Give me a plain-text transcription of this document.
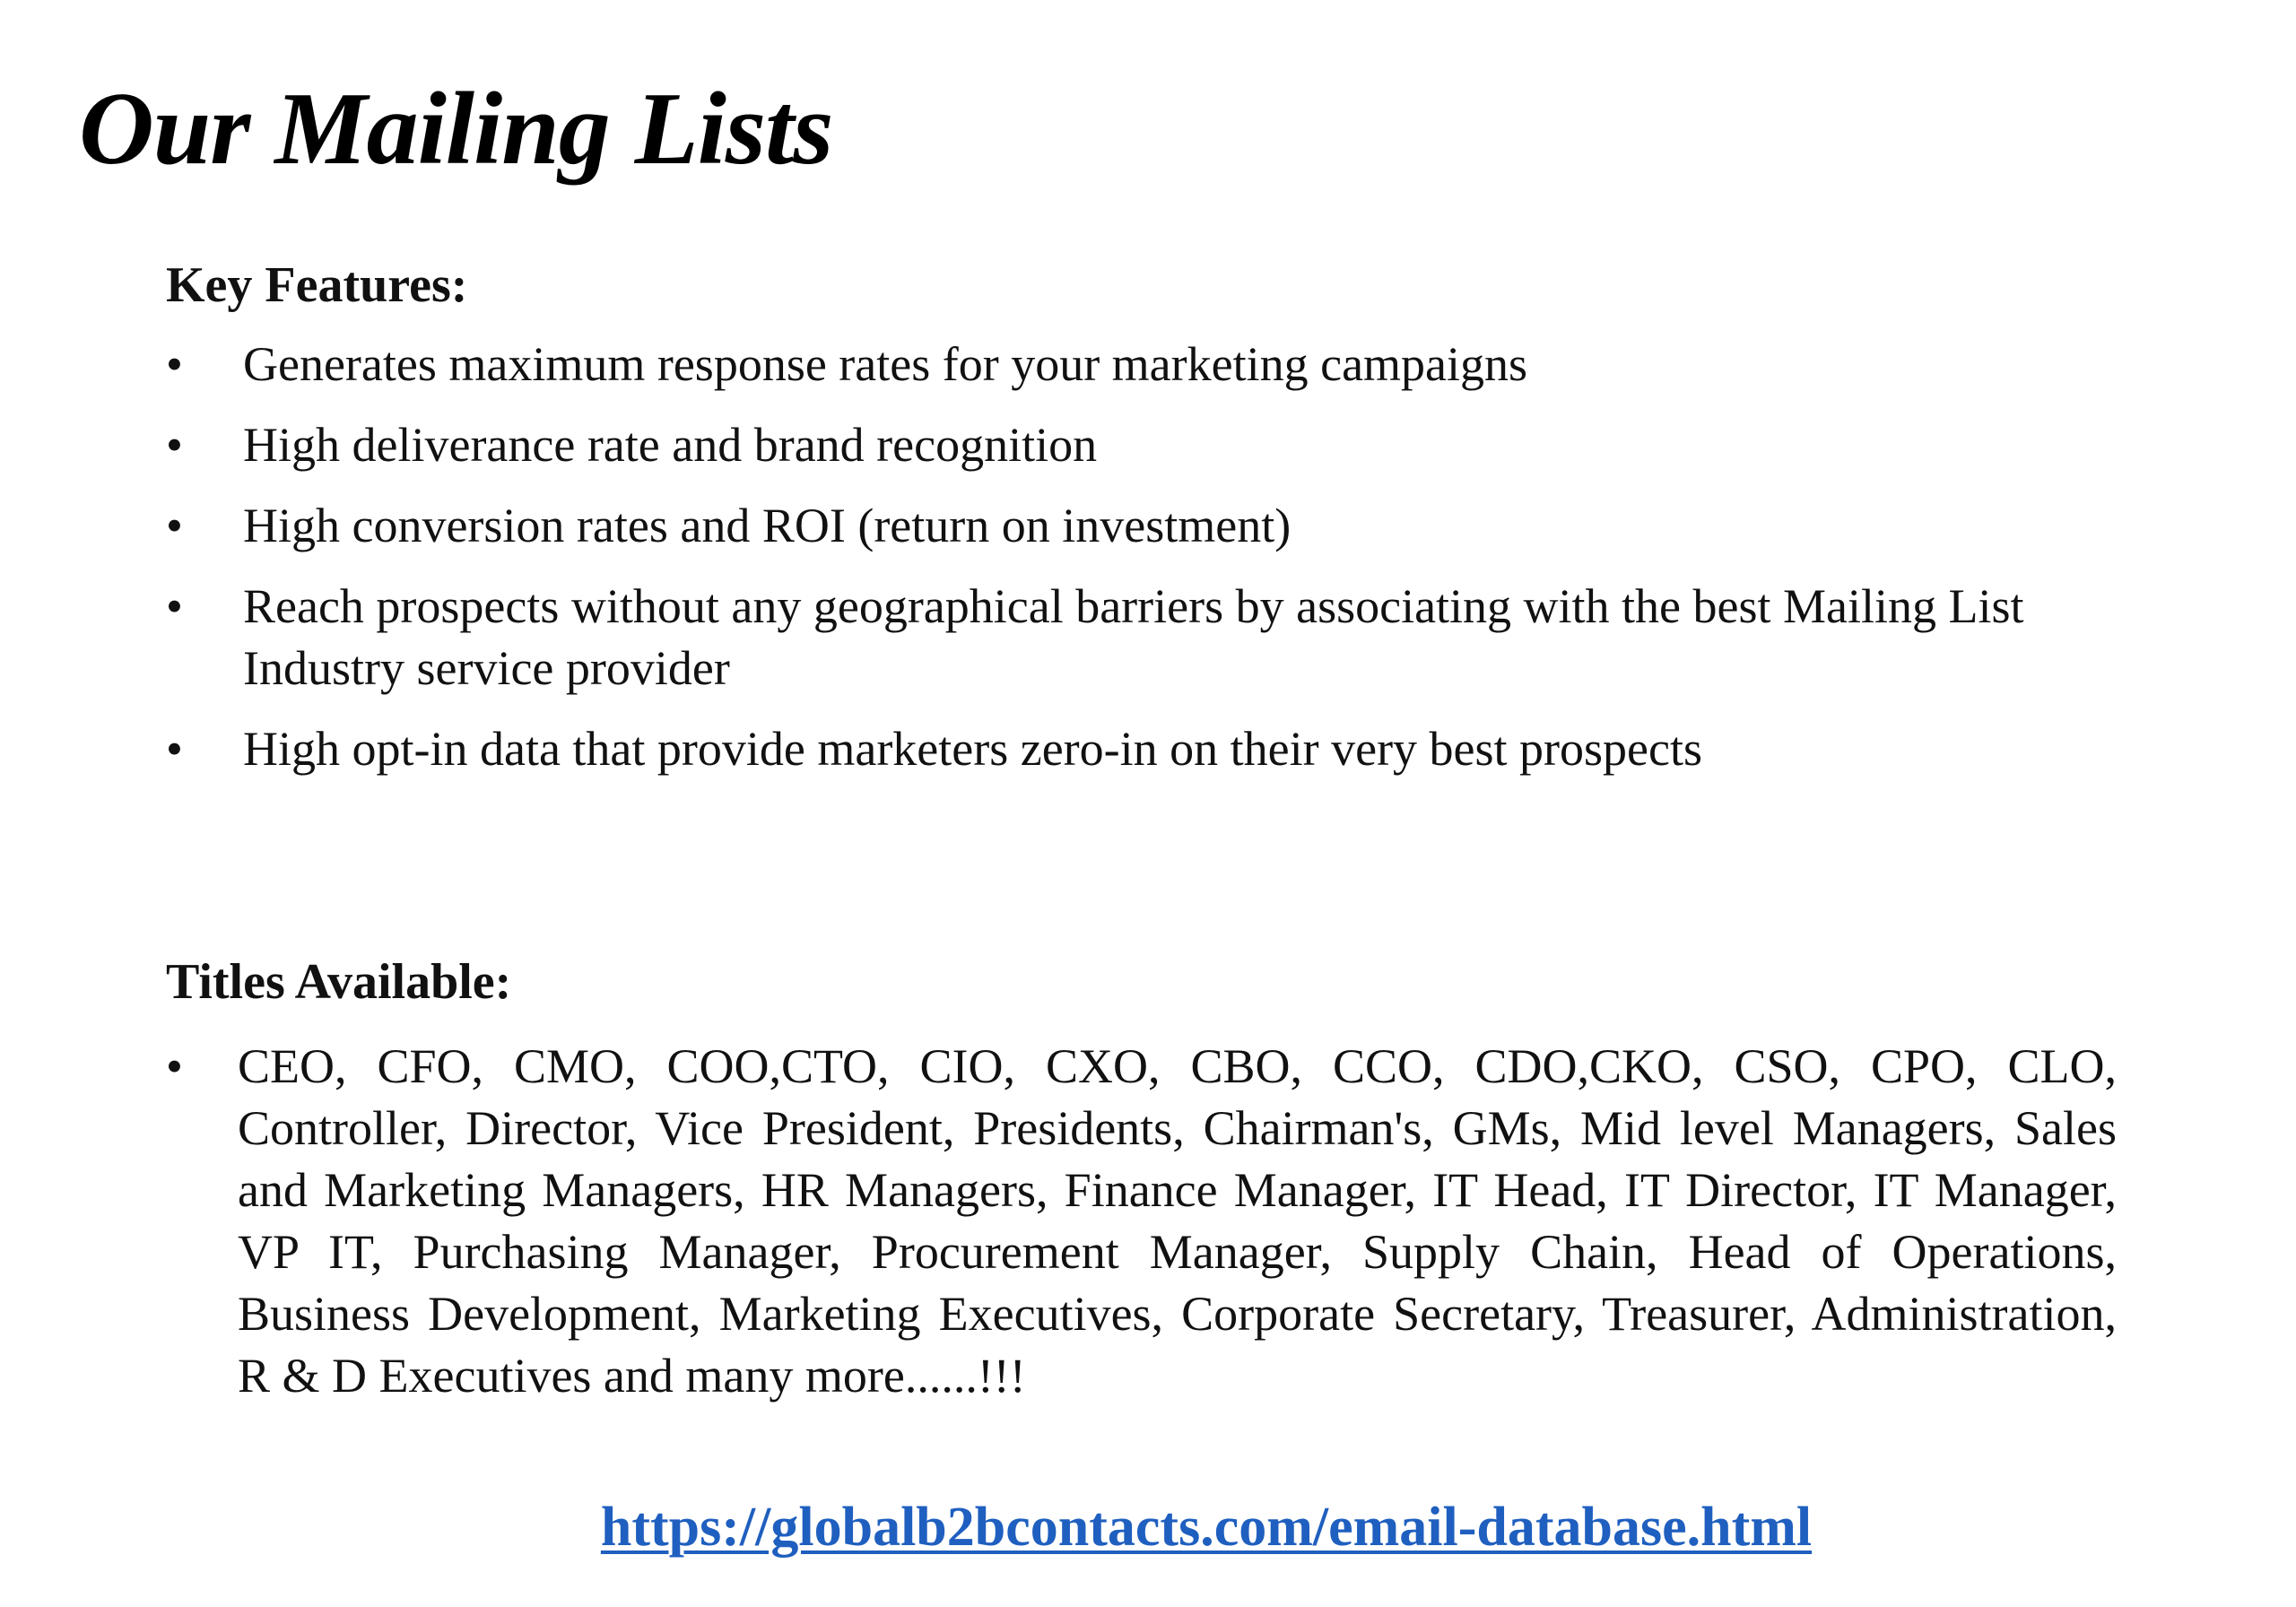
Our Mailing Lists
Key Features:
• Generates maximum response rates for your marketing campaigns
• High deliverance rate and brand recognition
• High conversion rates and ROI (return on investment)
• Reach prospects without any geographical barriers by associating with the best Mailing List Industry service provider
• High opt-in data that provide marketers zero-in on their very best prospects
Titles Available:
• CEO, CFO, CMO, COO,CTO, CIO, CXO, CBO, CCO, CDO,CKO, CSO, CPO, CLO, Controller, Director, Vice President, Presidents, Chairman's, GMs, Mid level Managers, Sales and Marketing Managers, HR Managers, Finance Manager, IT Head, IT Director, IT Manager, VP IT, Purchasing Manager, Procurement Manager, Supply Chain, Head of Operations, Business Development, Marketing Executives, Corporate Secretary, Treasurer, Administration, R & D Executives and many more......!!!
https://globalb2bcontacts.com/email-database.html
